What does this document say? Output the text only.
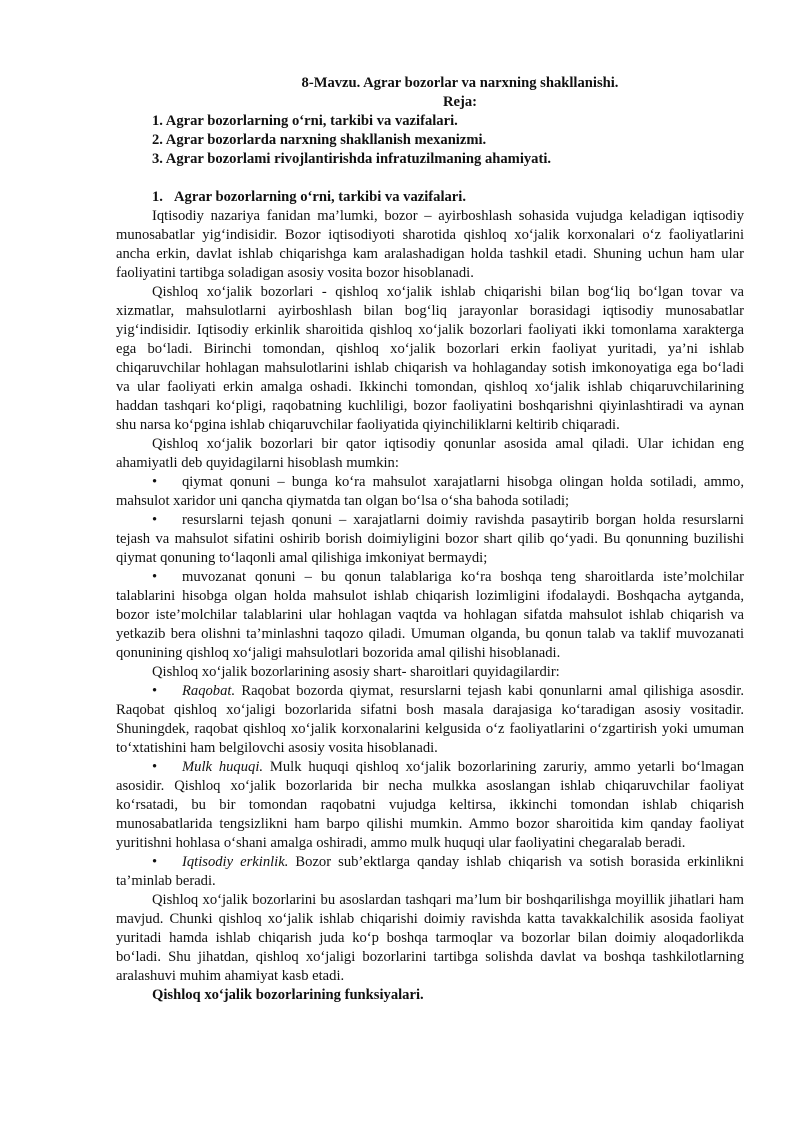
8-Mavzu. Agrar bozorlar va narxning shakllanishi.
Reja:
1. Agrar bozorlarning o‘rni, tarkibi va vazifalari.
2. Agrar bozorlarda narxning shakllanish mexanizmi.
3. Agrar bozorlami rivojlantirishda infratuzilmaning ahamiyati.
1. Agrar bozorlarning o‘rni, tarkibi va vazifalari.

Iqtisodiy nazariya fanidan ma’lumki, bozor – ayirboshlash sohasida vujudga keladigan iqtisodiy munosabatlar yig‘indisidir. Bozor iqtisodiyoti sharotida qishloq xo‘jalik korxonalari o‘z faoliyatlarini ancha erkin, davlat ishlab chiqarishga kam aralashadigan holda tashkil etadi. Shuning uchun ham ular faoliyatini tartibga soladigan asosiy vosita bozor hisoblanadi.

Qishloq xo‘jalik bozorlari - qishloq xo‘jalik ishlab chiqarishi bilan bog‘liq bo‘lgan tovar va xizmatlar, mahsulotlarni ayirboshlash bilan bog‘liq jarayonlar borasidagi iqtisodiy munosabatlar yig‘indisidir. Iqtisodiy erkinlik sharoitida qishloq xo‘jalik bozorlari faoliyati ikki tomonlama xarakterga ega bo‘ladi. Birinchi tomondan, qishloq xo‘jalik bozorlari erkin faoliyat yuritadi, ya’ni ishlab chiqaruvchilar hohlagan mahsulotlarini ishlab chiqarish va hohlaganday sotish imkonoyatiga ega bo‘ladi va ular faoliyati erkin amalga oshadi. Ikkinchi tomondan, qishloq xo‘jalik ishlab chiqaruvchilarining haddan tashqari ko‘pligi, raqobatning kuchliligi, bozor faoliyatini boshqarishni qiyinlashtiradi va aynan shu narsa ko‘pgina ishlab chiqaruvchilar faoliyatida qiyinchiliklarni keltirib chiqaradi.

Qishloq xo‘jalik bozorlari bir qator iqtisodiy qonunlar asosida amal qiladi. Ular ichidan eng ahamiyatli deb quyidagilarni hisoblash mumkin:

• qiymat qonuni – bunga ko‘ra mahsulot xarajatlarni hisobga olingan holda sotiladi, ammo, mahsulot xaridor uni qancha qiymatda tan olgan bo‘lsa o‘sha bahoda sotiladi;
• resurslarni tejash qonuni – xarajatlarni doimiy ravishda pasaytirib borgan holda resurslarni tejash va mahsulot sifatini oshirib borish doimiyligini bozor shart qilib qo‘yadi. Bu qonunning buzilishi qiymat qonuning to‘laqonli amal qilishiga imkoniyat bermaydi;
• muvozanat qonuni – bu qonun talablariga ko‘ra boshqa teng sharoitlarda iste’molchilar talablarini hisobga olgan holda mahsulot ishlab chiqarish lozimligini ifodalaydi. Boshqacha aytganda, bozor iste’molchilar talablarini ular hohlagan vaqtda va hohlagan sifatda mahsulot ishlab chiqarish va yetkazib bera olishni ta’minlashni taqozo qiladi. Umuman olganda, bu qonun talab va taklif muvozanati qonunining qishloq xo‘jaligi mahsulotlari bozorida amal qilishi hisoblanadi.

Qishloq xo‘jalik bozorlarining asosiy shart- sharoitlari quyidagilardir:

• Raqobat. Raqobat bozorda qiymat, resurslarni tejash kabi qonunlarni amal qilishiga asosdir. Raqobat qishloq xo‘jaligi bozorlarida sifatni bosh masala darajasiga ko‘taradigan asosiy vositadir. Shuningdek, raqobat qishloq xo‘jalik korxonalarini kelgusida o‘z faoliyatlarini o‘zgartirish yoki umuman to‘xtatishini ham belgilovchi asosiy vosita hisoblanadi.
• Mulk huquqi. Mulk huquqi qishloq xo‘jalik bozorlarining zaruriy, ammo yetarli bo‘lmagan asosidir. Qishloq xo‘jalik bozorlarida bir necha mulkka asoslangan ishlab chiqaruvchilar faoliyat ko‘rsatadi, bu bir tomondan raqobatni vujudga keltirsa, ikkinchi tomondan ishlab chiqarish munosabatlarida tengsizlikni ham barpo qilishi mumkin. Ammo bozor sharoitida kim qanday faoliyat yuritishni hohlasa o‘shani amalga oshiradi, ammo mulk huquqi ular faoliyatini chegaralab beradi.
• Iqtisodiy erkinlik. Bozor sub’ektlarga qanday ishlab chiqarish va sotish borasida erkinlikni ta’minlab beradi.

Qishloq xo‘jalik bozorlarini bu asoslardan tashqari ma’lum bir boshqarilishga moyillik jihatlari ham mavjud. Chunki qishloq xo‘jalik ishlab chiqarishi doimiy ravishda katta tavakkalchilik asosida faoliyat yuritadi hamda ishlab chiqarish juda ko‘p boshqa tarmoqlar va bozorlar bilan doimiy aloqadorlikda bo‘ladi. Shu jihatdan, qishloq xo‘jaligi bozorlarini tartibga solishda davlat va boshqa tashkilotlarning aralashuvi muhim ahamiyat kasb etadi.

Qishloq xo‘jalik bozorlarining funksiyalari.
